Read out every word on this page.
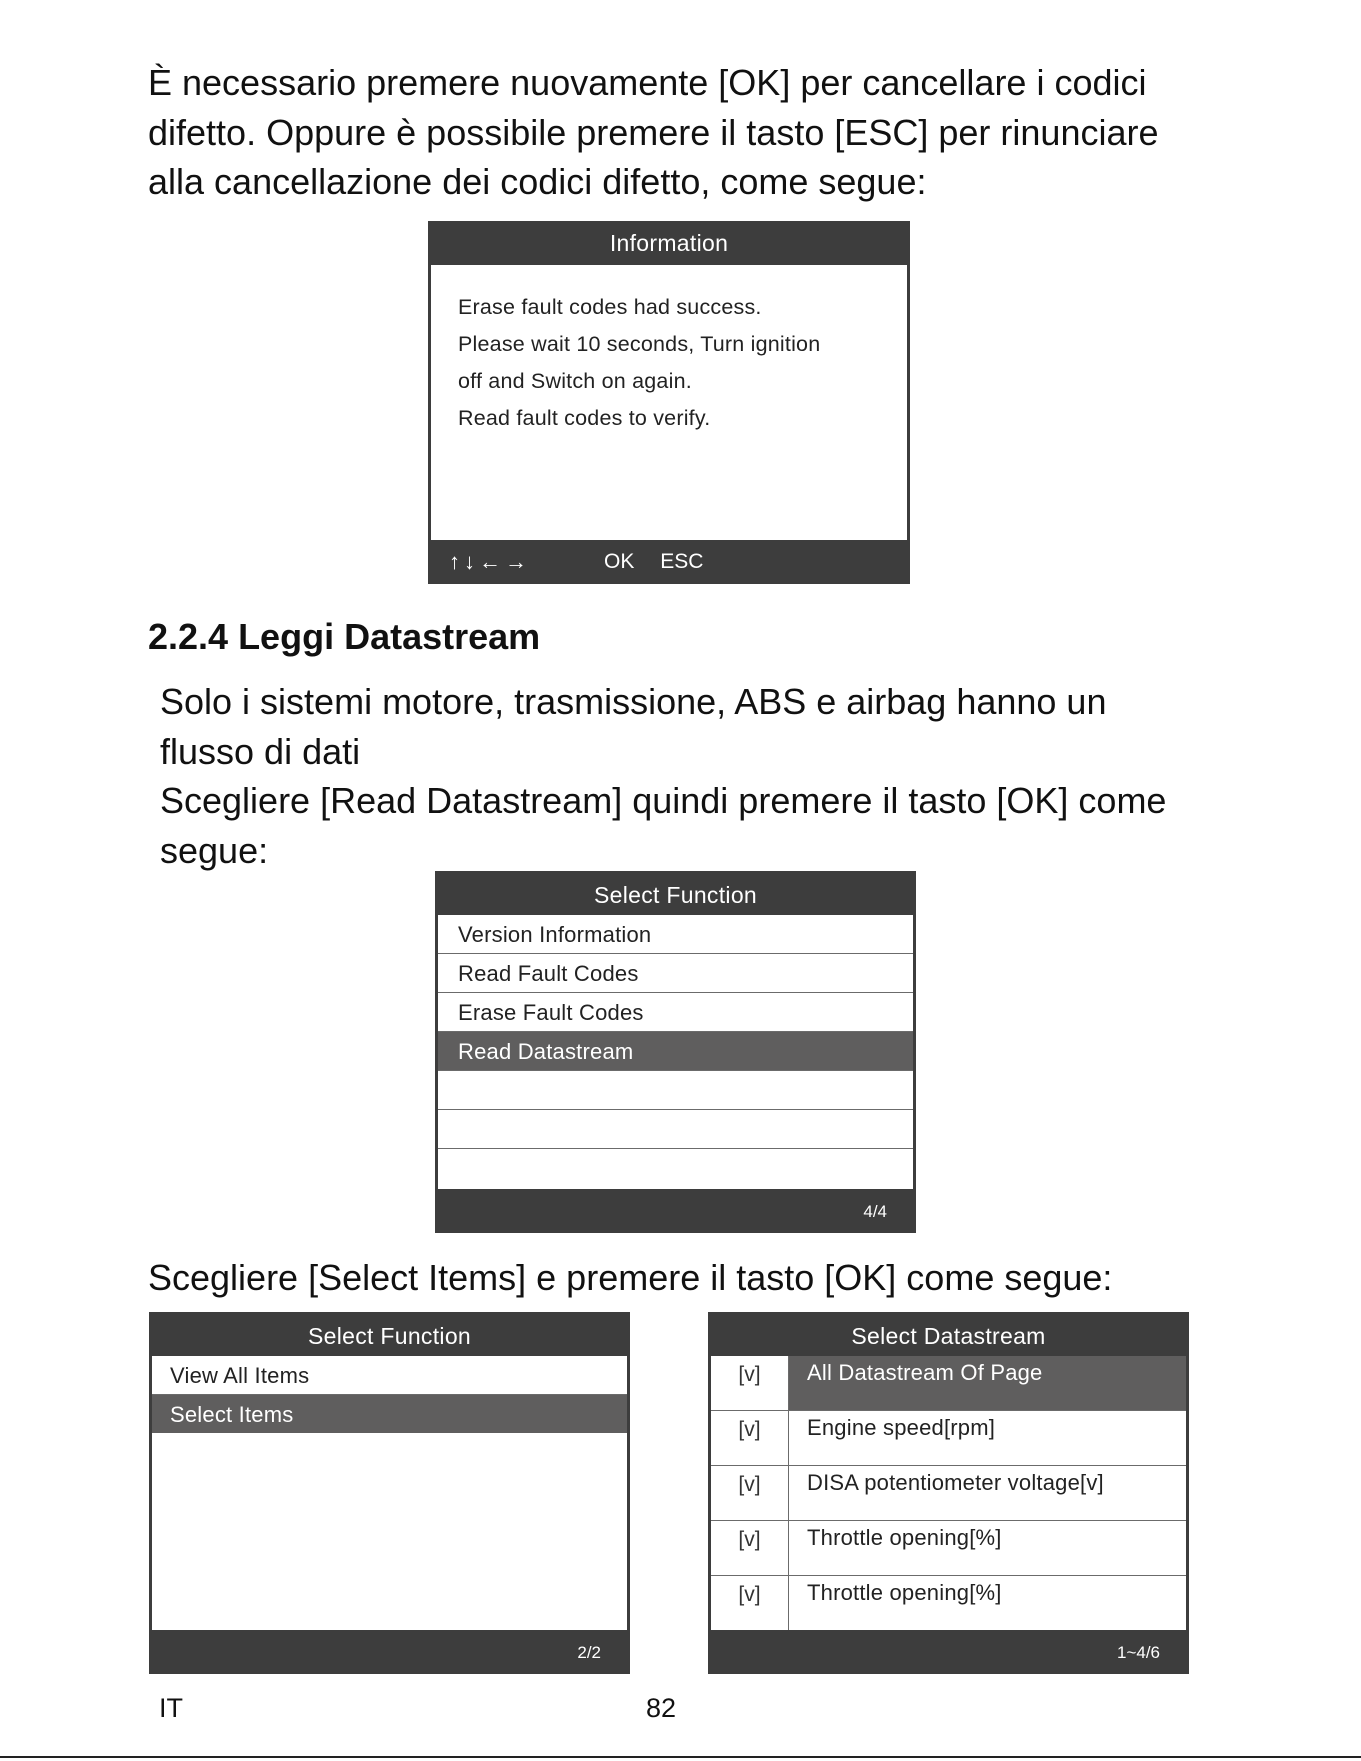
È necessario premere nuovamente [OK] per cancellare i codici

difetto. Oppure è possibile premere il tasto [ESC] per rinunciare

alla cancellazione dei codici difetto, come segue:

Information
Erase fault codes had success.
Please wait 10 seconds, Turn ignition
off and Switch on again.
Read fault codes to verify.
↑ ↓ ← →	OK ESC
2.2.4 Leggi Datastream

Solo i sistemi motore, trasmissione, ABS e airbag hanno un

flusso di dati

Scegliere [Read Datastream] quindi premere il tasto [OK] come

segue:

Select Function
Version Information
Read Fault Codes
Erase Fault Codes
Read Datastream
4/4

Scegliere [Select Items] e premere il tasto [OK] come segue:

Select Function
View All Items
Select Items
2/2
Select Datastream
[v]	All Datastream Of Page
[v]	Engine speed[rpm]
[v]	DISA potentiometer voltage[v]
[v]	Throttle opening[%]
[v]	Throttle opening[%]
1~4/6
IT	82
